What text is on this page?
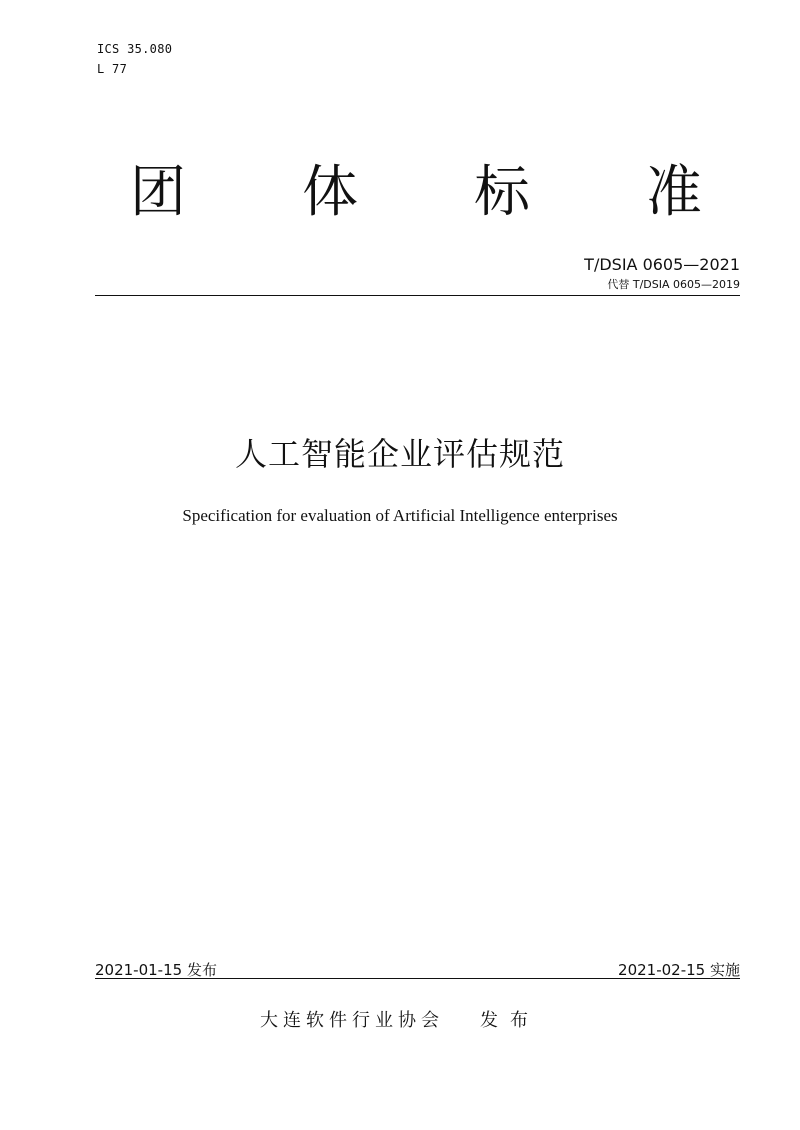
ICS 35.080
L 77
团 体 标 准
T/DSIA 0605—2021
代替 T/DSIA 0605—2019
人工智能企业评估规范
Specification for evaluation of Artificial Intelligence enterprises
2021-01-15 发布	2021-02-15 实施
大连软件行业协会 发布
